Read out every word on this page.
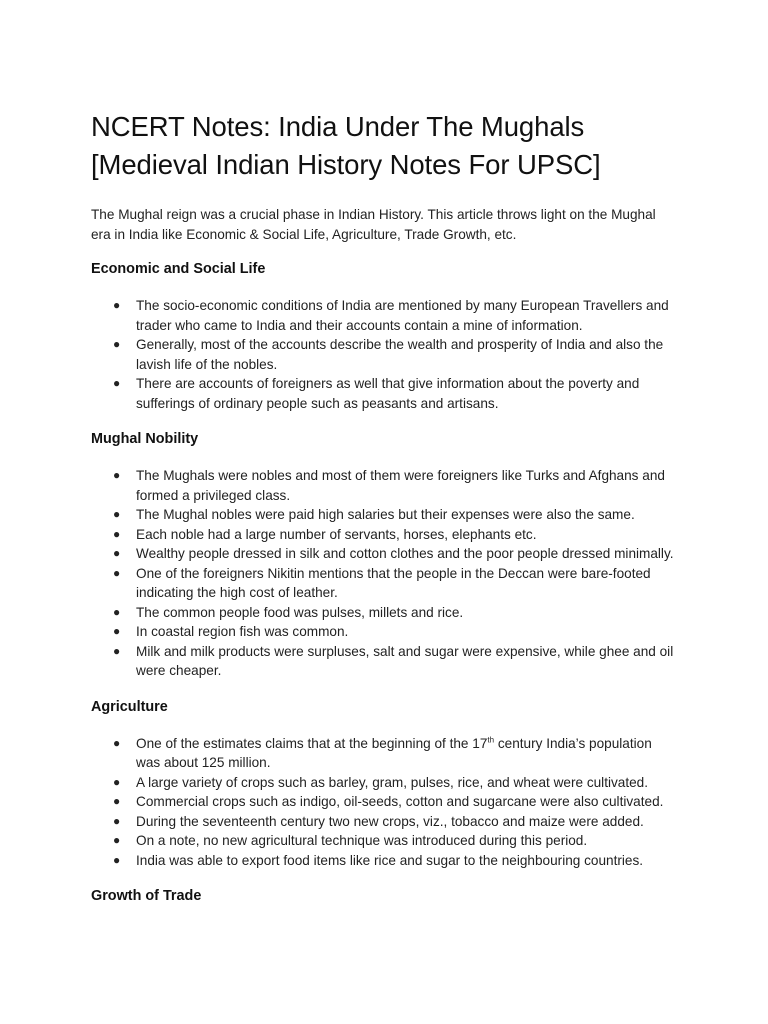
NCERT Notes: India Under The Mughals [Medieval Indian History Notes For UPSC]

The Mughal reign was a crucial phase in Indian History. This article throws light on the Mughal era in India like Economic & Social Life, Agriculture, Trade Growth, etc.

Economic and Social Life
● The socio-economic conditions of India are mentioned by many European Travellers and trader who came to India and their accounts contain a mine of information.
● Generally, most of the accounts describe the wealth and prosperity of India and also the lavish life of the nobles.
● There are accounts of foreigners as well that give information about the poverty and sufferings of ordinary people such as peasants and artisans.
Mughal Nobility
● The Mughals were nobles and most of them were foreigners like Turks and Afghans and formed a privileged class.
● The Mughal nobles were paid high salaries but their expenses were also the same.
● Each noble had a large number of servants, horses, elephants etc.
● Wealthy people dressed in silk and cotton clothes and the poor people dressed minimally.
● One of the foreigners Nikitin mentions that the people in the Deccan were bare-footed indicating the high cost of leather.
● The common people food was pulses, millets and rice.
● In coastal region fish was common.
● Milk and milk products were surpluses, salt and sugar were expensive, while ghee and oil were cheaper.
Agriculture
● One of the estimates claims that at the beginning of the 17th century India’s population was about 125 million.
● A large variety of crops such as barley, gram, pulses, rice, and wheat were cultivated.
● Commercial crops such as indigo, oil-seeds, cotton and sugarcane were also cultivated.
● During the seventeenth century two new crops, viz., tobacco and maize were added.
● On a note, no new agricultural technique was introduced during this period.
● India was able to export food items like rice and sugar to the neighbouring countries.
Growth of Trade
